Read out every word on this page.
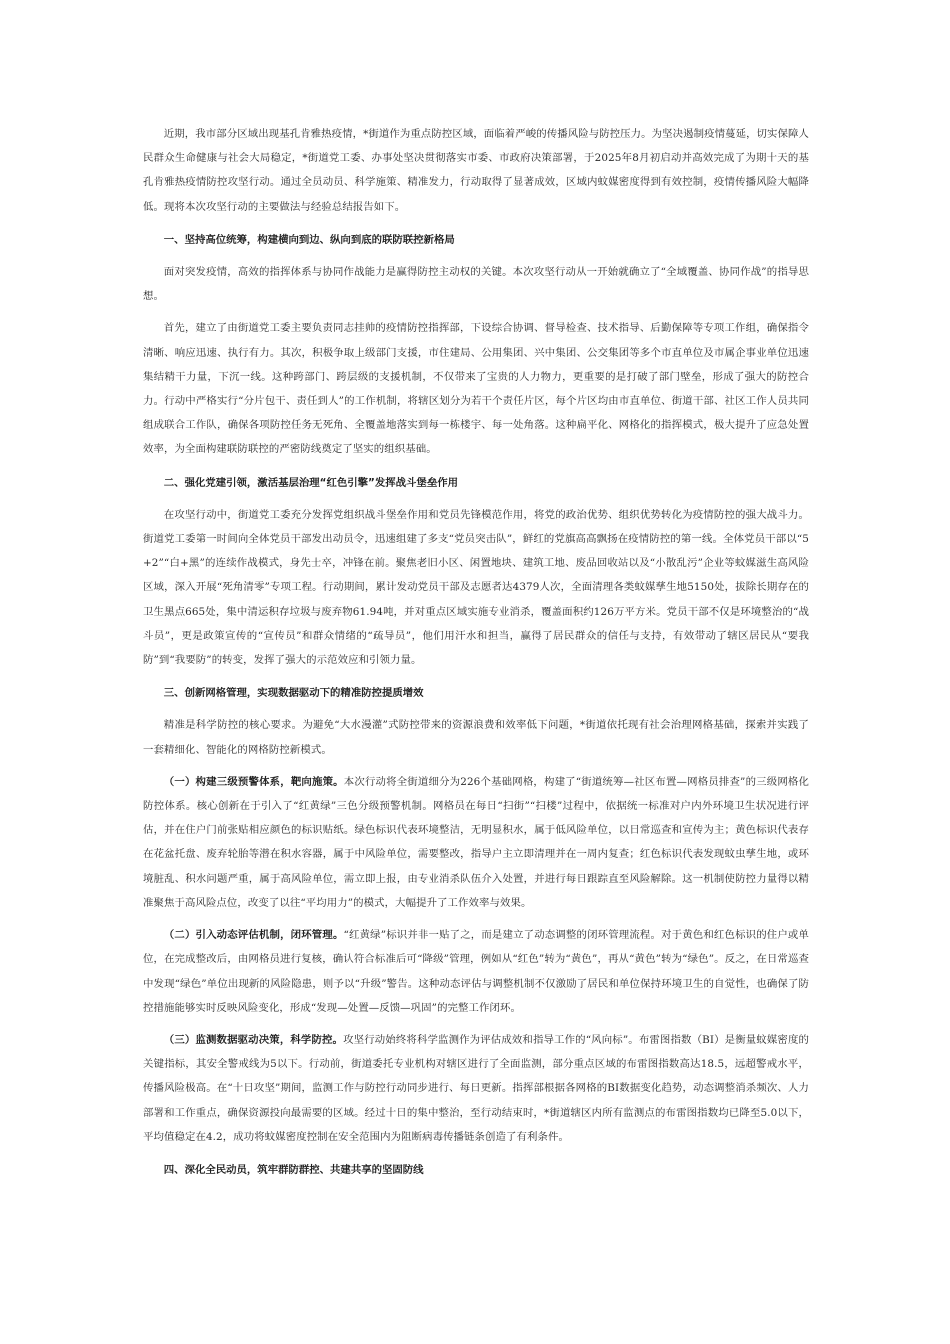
近期，我市部分区域出现基孔肯雅热疫情，*街道作为重点防控区域，面临着严峻的传播风险与防控压力。为坚决遏制疫情蔓延，切实保障人民群众生命健康与社会大局稳定，*街道党工委、办事处坚决贯彻落实市委、市政府决策部署，于2025年8月初启动并高效完成了为期十天的基孔肯雅热疫情防控攻坚行动。通过全员动员、科学施策、精准发力，行动取得了显著成效，区域内蚊媒密度得到有效控制，疫情传播风险大幅降低。现将本次攻坚行动的主要做法与经验总结报告如下。

一、坚持高位统筹，构建横向到边、纵向到底的联防联控新格局

面对突发疫情，高效的指挥体系与协同作战能力是赢得防控主动权的关键。本次攻坚行动从一开始就确立了“全域覆盖、协同作战”的指导思想。

首先，建立了由街道党工委主要负责同志挂帅的疫情防控指挥部，下设综合协调、督导检查、技术指导、后勤保障等专项工作组，确保指令清晰、响应迅速、执行有力。其次，积极争取上级部门支援，市住建局、公用集团、兴中集团、公交集团等多个市直单位及市属企事业单位迅速集结精干力量，下沉一线。这种跨部门、跨层级的支援机制，不仅带来了宝贵的人力物力，更重要的是打破了部门壁垒，形成了强大的防控合力。行动中严格实行“分片包干、责任到人”的工作机制，将辖区划分为若干个责任片区，每个片区均由市直单位、街道干部、社区工作人员共同组成联合工作队，确保各项防控任务无死角、全覆盖地落实到每一栋楼宇、每一处角落。这种扁平化、网格化的指挥模式，极大提升了应急处置效率，为全面构建联防联控的严密防线奠定了坚实的组织基础。

二、强化党建引领，激活基层治理“红色引擎”发挥战斗堡垒作用

在攻坚行动中，街道党工委充分发挥党组织战斗堡垒作用和党员先锋模范作用，将党的政治优势、组织优势转化为疫情防控的强大战斗力。街道党工委第一时间向全体党员干部发出动员令，迅速组建了多支“党员突击队”，鲜红的党旗高高飘扬在疫情防控的第一线。全体党员干部以“5+2”“白+黑”的连续作战模式，身先士卒，冲锋在前。聚焦老旧小区、闲置地块、建筑工地、废品回收站以及“小散乱污”企业等蚊媒滋生高风险区域，深入开展“死角清零”专项工程。行动期间，累计发动党员干部及志愿者达4379人次，全面清理各类蚊媒孳生地5150处，拔除长期存在的卫生黑点665处，集中清运积存垃圾与废弃物61.94吨，并对重点区域实施专业消杀，覆盖面积约126万平方米。党员干部不仅是环境整治的“战斗员”，更是政策宣传的“宣传员”和群众情绪的“疏导员”，他们用汗水和担当，赢得了居民群众的信任与支持，有效带动了辖区居民从“要我防”到“我要防”的转变，发挥了强大的示范效应和引领力量。

三、创新网格管理，实现数据驱动下的精准防控提质增效

精准是科学防控的核心要求。为避免“大水漫灌”式防控带来的资源浪费和效率低下问题，*街道依托现有社会治理网格基础，探索并实践了一套精细化、智能化的网格防控新模式。

（一）构建三级预警体系，靶向施策。本次行动将全街道细分为226个基础网格，构建了“街道统筹—社区布置—网格员排查”的三级网格化防控体系。核心创新在于引入了“红黄绿”三色分级预警机制。网格员在每日“扫街”“扫楼”过程中，依据统一标准对户内外环境卫生状况进行评估，并在住户门前张贴相应颜色的标识贴纸。绿色标识代表环境整洁，无明显积水，属于低风险单位，以日常巡查和宣传为主；黄色标识代表存在花盆托盘、废弃轮胎等潜在积水容器，属于中风险单位，需要整改，指导户主立即清理并在一周内复查；红色标识代表发现蚊虫孳生地，或环境脏乱、积水问题严重，属于高风险单位，需立即上报，由专业消杀队伍介入处置，并进行每日跟踪直至风险解除。这一机制使防控力量得以精准聚焦于高风险点位，改变了以往“平均用力”的模式，大幅提升了工作效率与效果。

（二）引入动态评估机制，闭环管理。“红黄绿”标识并非一贴了之，而是建立了动态调整的闭环管理流程。对于黄色和红色标识的住户或单位，在完成整改后，由网格员进行复核，确认符合标准后可“降级”管理，例如从“红色”转为“黄色”，再从“黄色”转为“绿色”。反之，在日常巡查中发现“绿色”单位出现新的风险隐患，则予以“升级”警告。这种动态评估与调整机制不仅激励了居民和单位保持环境卫生的自觉性，也确保了防控措施能够实时反映风险变化，形成“发现—处置—反馈—巩固”的完整工作闭环。

（三）监测数据驱动决策，科学防控。攻坚行动始终将科学监测作为评估成效和指导工作的“风向标”。布雷图指数（BI）是衡量蚊媒密度的关键指标，其安全警戒线为5以下。行动前，街道委托专业机构对辖区进行了全面监测，部分重点区域的布雷图指数高达18.5，远超警戒水平，传播风险极高。在“十日攻坚”期间，监测工作与防控行动同步进行、每日更新。指挥部根据各网格的BI数据变化趋势，动态调整消杀频次、人力部署和工作重点，确保资源投向最需要的区域。经过十日的集中整治，至行动结束时，*街道辖区内所有监测点的布雷图指数均已降至5.0以下，平均值稳定在4.2，成功将蚊媒密度控制在安全范围内为阻断病毒传播链条创造了有利条件。

四、深化全民动员，筑牢群防群控、共建共享的坚固防线
